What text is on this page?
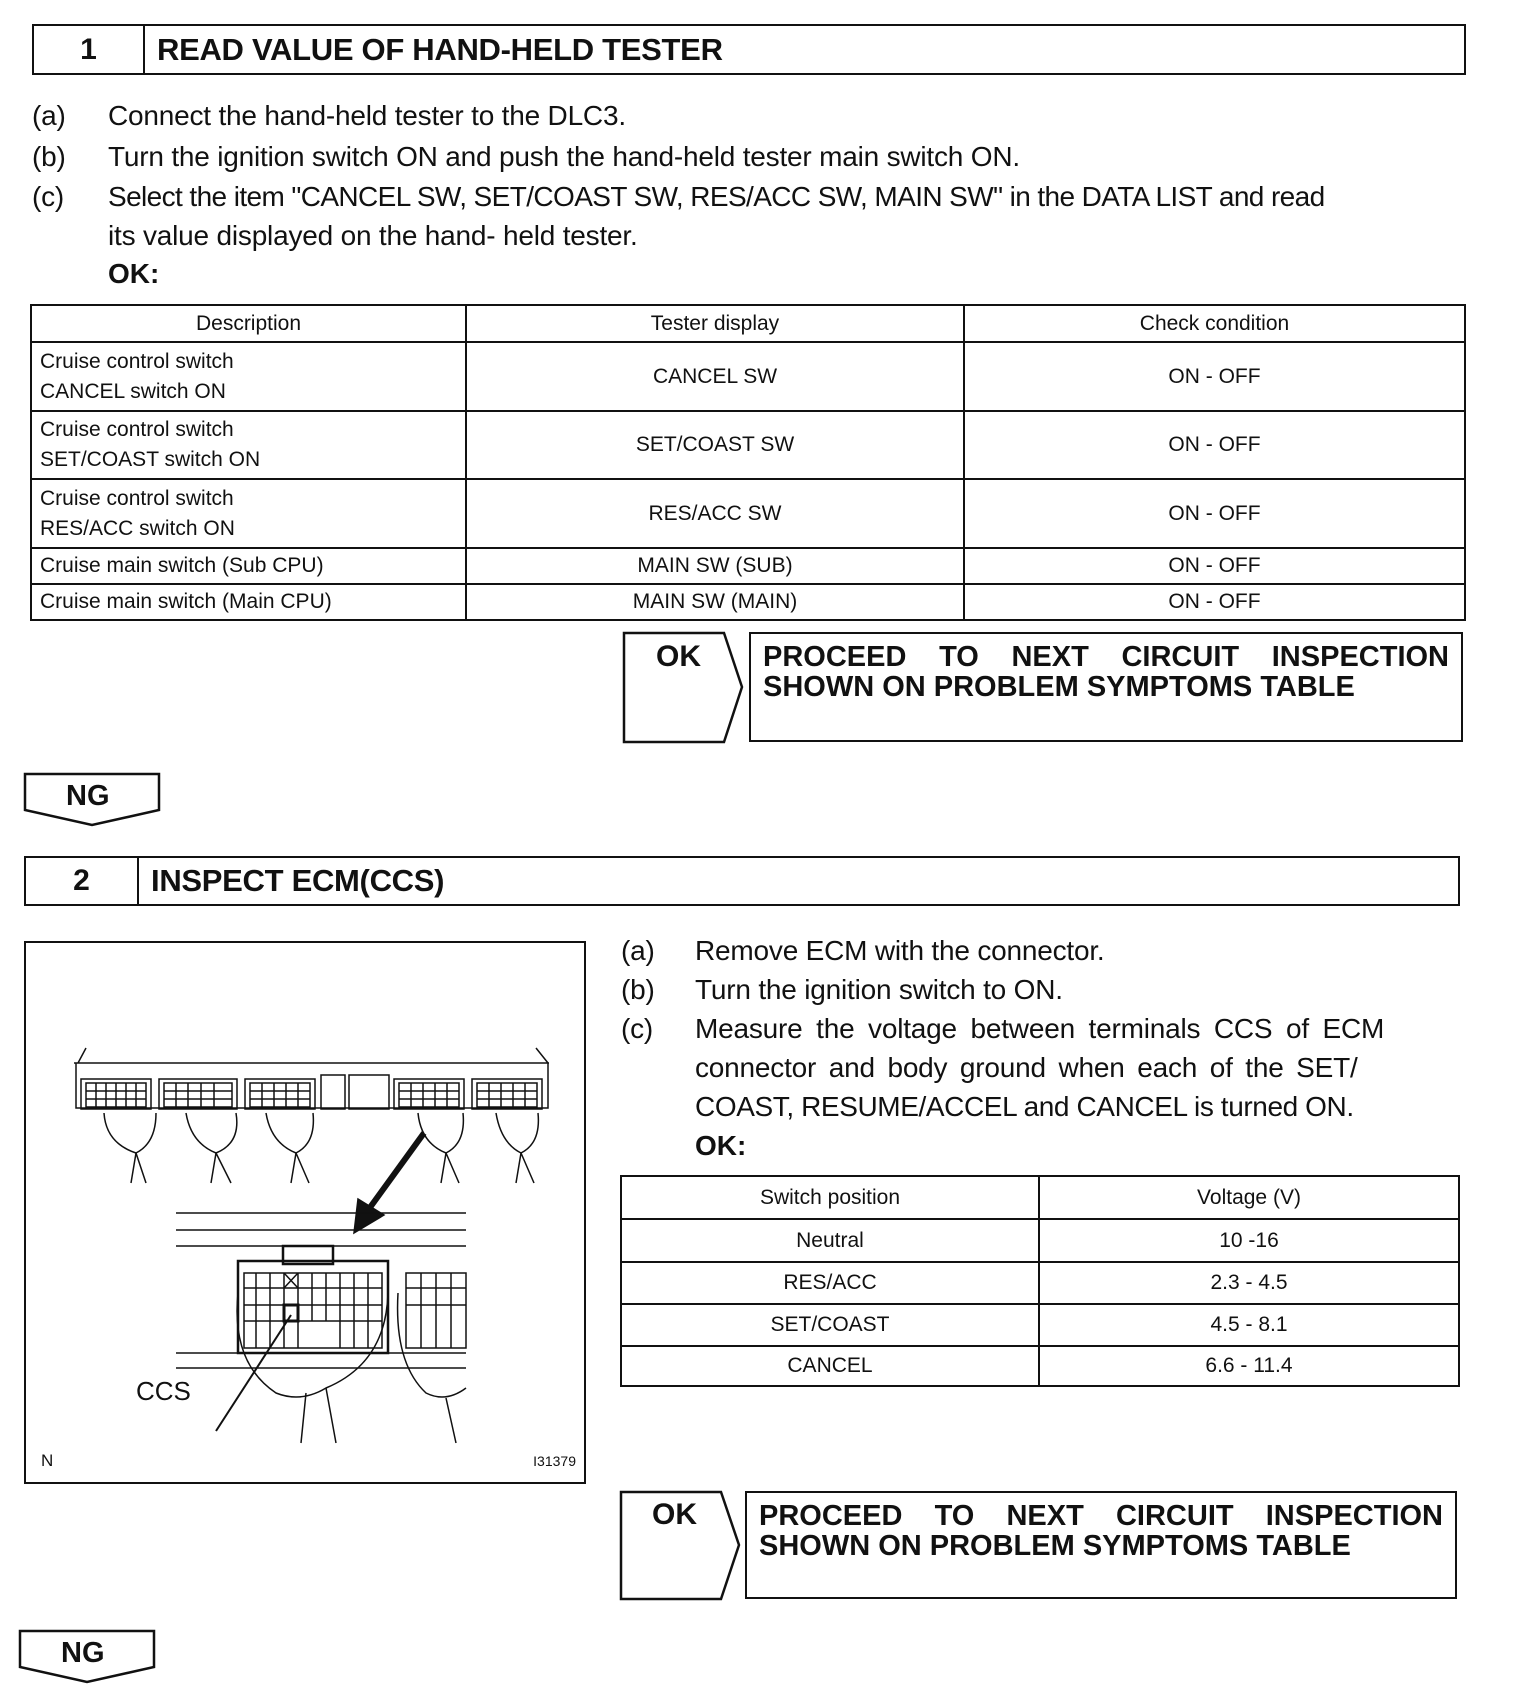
1	READ VALUE OF HAND-HELD TESTER
(a) Connect the hand-held tester to the DLC3.
(b) Turn the ignition switch ON and push the hand-held tester main switch ON.
(c) Select the item "CANCEL SW, SET/COAST SW, RES/ACC SW, MAIN SW" in the DATA LIST and read
its value displayed on the hand- held tester.
OK:
Description	Tester display	Check condition

Cruise control switch
CANCEL switch ON	CANCEL SW	ON - OFF

Cruise control switch
SET/COAST switch ON	SET/COAST SW	ON - OFF

Cruise control switch
RES/ACC switch ON	RES/ACC SW	ON - OFF
Cruise main switch (Sub CPU)	MAIN SW (SUB)	ON - OFF
Cruise main switch (Main CPU)	MAIN SW (MAIN)	ON - OFF
OK PROCEED TO NEXT CIRCUIT INSPECTION
SHOWN ON PROBLEM SYMPTOMS TABLE
NG
2	INSPECT ECM(CCS)
CCS
N	I31379
(a) Remove ECM with the connector.
(b) Turn the ignition switch to ON.
(c) Measure the voltage between terminals CCS of ECM
connector and body ground when each of the SET/
COAST, RESUME/ACCEL and CANCEL is turned ON.
OK:
Switch position	Voltage (V)
Neutral	10 -16
RES/ACC	2.3 - 4.5
SET/COAST	4.5 - 8.1
CANCEL	6.6 - 11.4
OK PROCEED TO NEXT CIRCUIT INSPECTION
SHOWN ON PROBLEM SYMPTOMS TABLE
NG
